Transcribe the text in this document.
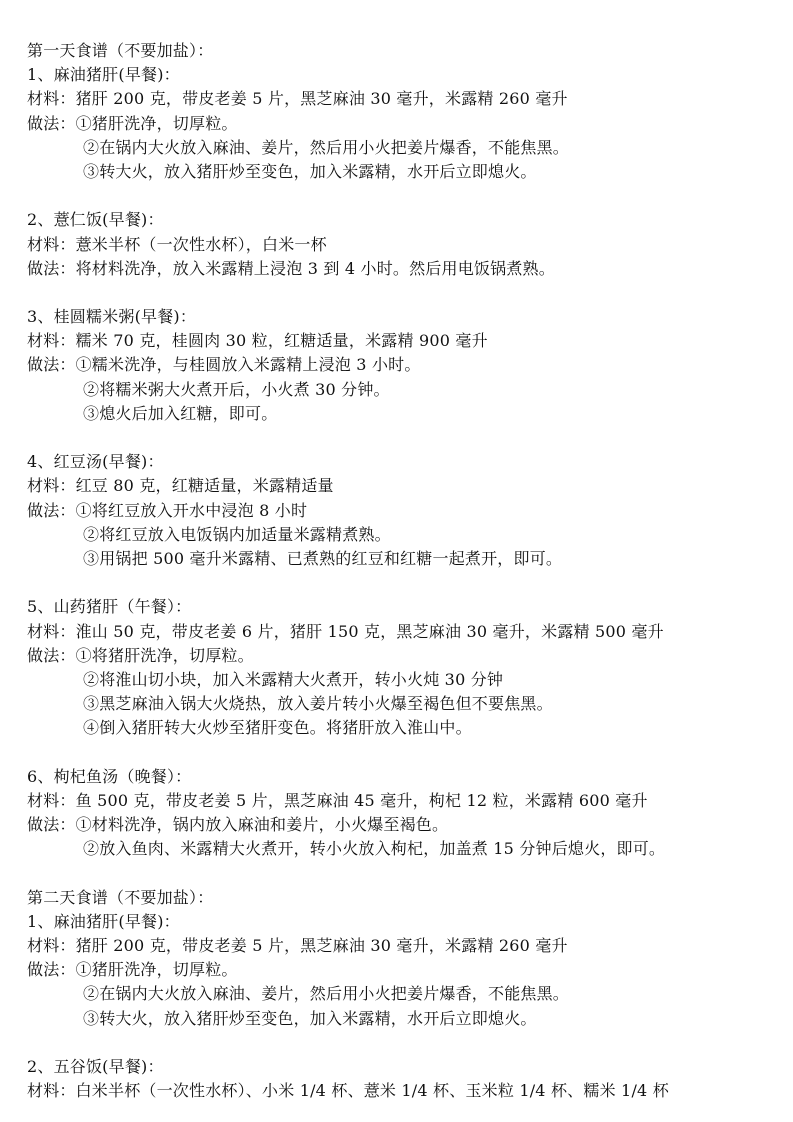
第一天食谱（不要加盐）：
1、麻油猪肝(早餐)：
材料：猪肝 200 克，带皮老姜 5 片，黑芝麻油 30 毫升，米露精 260 毫升
做法：①猪肝洗净，切厚粒。
②在锅内大火放入麻油、姜片，然后用小火把姜片爆香，不能焦黑。
③转大火，放入猪肝炒至变色，加入米露精，水开后立即熄火。
2、薏仁饭(早餐)：
材料：薏米半杯（一次性水杯），白米一杯
做法：将材料洗净，放入米露精上浸泡 3 到 4 小时。然后用电饭锅煮熟。
3、桂圆糯米粥(早餐)：
材料：糯米 70 克，桂圆肉 30 粒，红糖适量，米露精 900 毫升
做法：①糯米洗净，与桂圆放入米露精上浸泡 3 小时。
②将糯米粥大火煮开后，小火煮 30 分钟。
③熄火后加入红糖，即可。
4、红豆汤(早餐)：
材料：红豆 80 克，红糖适量，米露精适量
做法：①将红豆放入开水中浸泡 8 小时
②将红豆放入电饭锅内加适量米露精煮熟。
③用锅把 500 毫升米露精、已煮熟的红豆和红糖一起煮开，即可。
5、山药猪肝（午餐）：
材料：淮山 50 克，带皮老姜 6 片，猪肝 150 克，黑芝麻油 30 毫升，米露精 500 毫升
做法：①将猪肝洗净，切厚粒。
②将淮山切小块，加入米露精大火煮开，转小火炖 30 分钟
③黑芝麻油入锅大火烧热，放入姜片转小火爆至褐色但不要焦黑。
④倒入猪肝转大火炒至猪肝变色。将猪肝放入淮山中。
6、枸杞鱼汤（晚餐）：
材料：鱼 500 克，带皮老姜 5 片，黑芝麻油 45 毫升，枸杞 12 粒，米露精 600 毫升
做法：①材料洗净，锅内放入麻油和姜片，小火爆至褐色。
②放入鱼肉、米露精大火煮开，转小火放入枸杞，加盖煮 15 分钟后熄火，即可。
第二天食谱（不要加盐）：
1、麻油猪肝(早餐)：
材料：猪肝 200 克，带皮老姜 5 片，黑芝麻油 30 毫升，米露精 260 毫升
做法：①猪肝洗净，切厚粒。
②在锅内大火放入麻油、姜片，然后用小火把姜片爆香，不能焦黑。
③转大火，放入猪肝炒至变色，加入米露精，水开后立即熄火。
2、五谷饭(早餐)：
材料：白米半杯（一次性水杯）、小米 1/4 杯、薏米 1/4 杯、玉米粒 1/4 杯、糯米 1/4 杯
